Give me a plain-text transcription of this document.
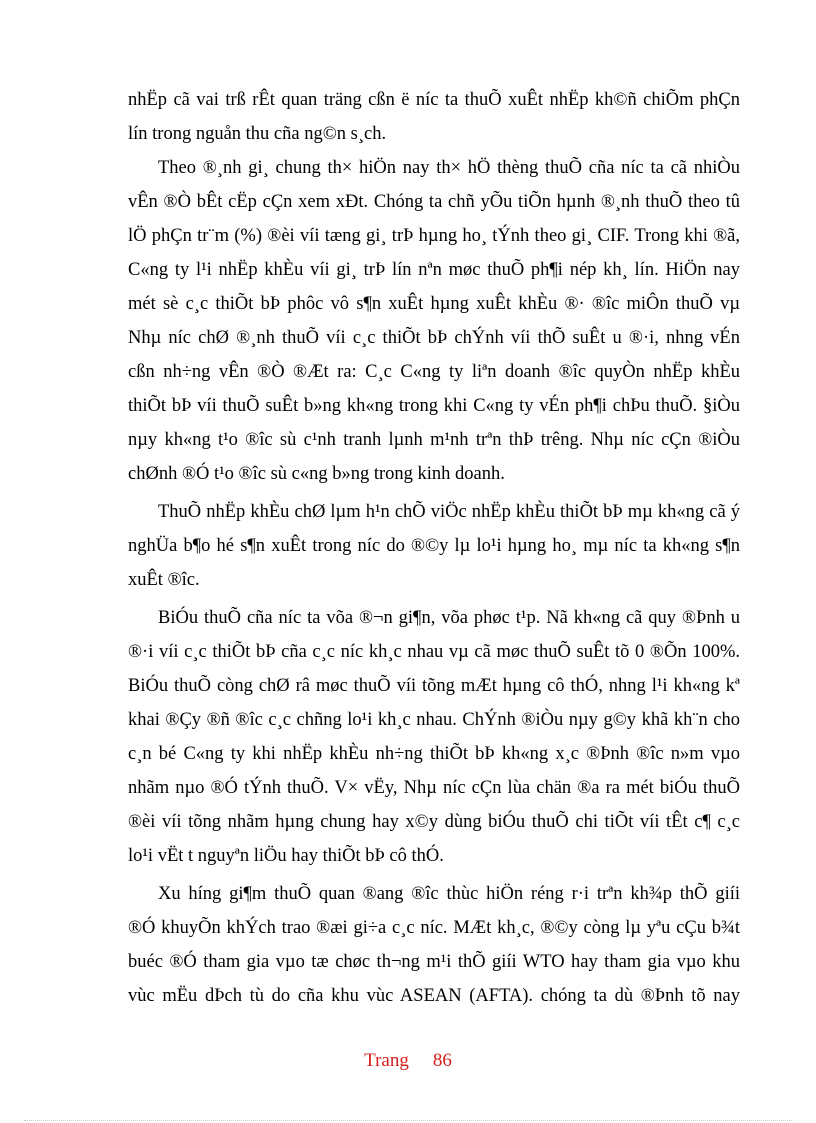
nhËp cã vai trß rÊt quan träng cßn ë níc ta thuÕ xuÊt nhËp kh©ñ chiÕm phÇn
lín trong nguån thu cña ng©n s¸ch.
Theo ®¸nh gi¸ chung th× hiÖn nay th× hÖ thèng thuÕ cña níc ta cã nhiÒu
vÊn ®Ò bÊt cËp cÇn xem xÐt. Chóng ta chñ yÕu tiÕn hµnh ®¸nh thuÕ theo tû
lÖ phÇn tr¨m (%) ®èi víi tæng gi¸ trÞ hµng ho¸ tÝnh theo gi¸ CIF. Trong khi ®ã,
C«ng ty l¹i nhËp khÈu víi gi¸ trÞ lín nªn møc thuÕ ph¶i nép kh¸ lín. HiÖn nay
mét sè c¸c thiÕt bÞ phôc vô s¶n xuÊt hµng xuÊt khÈu ®· ®îc miÔn thuÕ vµ
Nhµ níc chØ ®¸nh thuÕ víi c¸c thiÕt bÞ chÝnh víi thÕ suÊt u ®·i, nhng vÉn
cßn nh÷ng vÊn ®Ò ®Æt ra: C¸c C«ng ty liªn doanh ®îc quyÒn nhËp khÈu
thiÕt bÞ víi thuÕ suÊt b»ng kh«ng trong khi C«ng ty vÉn ph¶i chÞu thuÕ. §iÒu
nµy kh«ng t¹o ®îc sù c¹nh tranh lµnh m¹nh trªn thÞ trêng. Nhµ níc cÇn ®iÒu
chØnh ®Ó t¹o ®îc sù c«ng b»ng trong kinh doanh.
ThuÕ nhËp khÈu chØ lµm h¹n chÕ viÖc nhËp khÈu thiÕt bÞ mµ kh«ng cã ý
nghÜa b¶o hé s¶n xuÊt trong níc do ®©y lµ lo¹i hµng ho¸ mµ níc ta kh«ng s¶n
xuÊt ®îc.
BiÓu thuÕ cña níc ta võa ®¬n gi¶n, võa phøc t¹p. Nã kh«ng cã quy ®Þnh u
®·i víi c¸c thiÕt bÞ cña c¸c níc kh¸c nhau vµ cã møc thuÕ suÊt tõ 0 ®Õn 100%.
BiÓu thuÕ còng chØ râ møc thuÕ víi tõng mÆt hµng cô thÓ, nhng l¹i kh«ng kª
khai ®Çy ®ñ ®îc c¸c chñng lo¹i kh¸c nhau. ChÝnh ®iÒu nµy g©y khã kh¨n cho
c¸n bé C«ng ty khi nhËp khÈu nh÷ng thiÕt bÞ kh«ng x¸c ®Þnh ®îc n»m vµo
nhãm nµo ®Ó tÝnh thuÕ. V× vËy, Nhµ níc cÇn lùa chän ®a ra mét biÓu thuÕ
®èi víi tõng nhãm hµng chung hay x©y dùng biÓu thuÕ chi tiÕt víi tÊt c¶ c¸c
lo¹i vËt t nguyªn liÖu hay thiÕt bÞ cô thÓ.
Xu híng gi¶m thuÕ quan ®ang ®îc thùc hiÖn réng r·i trªn kh¾p thÕ giíi
®Ó khuyÕn khÝch trao ®æi gi÷a c¸c níc. MÆt kh¸c, ®©y còng lµ yªu cÇu b¾t
buéc ®Ó tham gia vµo tæ chøc th¬ng m¹i thÕ giíi WTO hay tham gia vµo khu
vùc mËu dÞch tù do cña khu vùc ASEAN (AFTA). chóng ta dù ®Þnh tõ nay
Trang 86
